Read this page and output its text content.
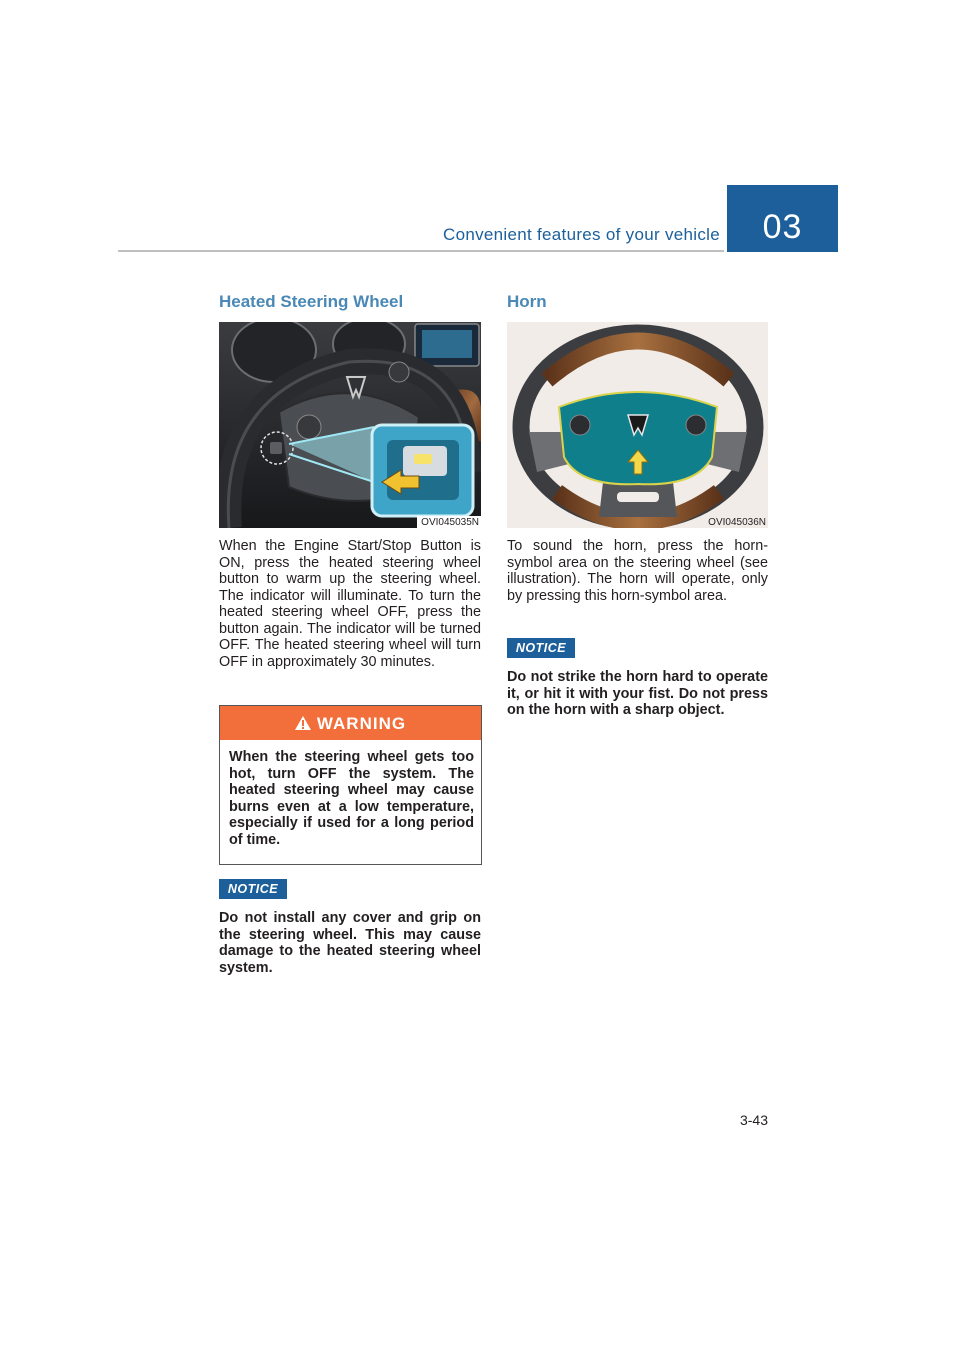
Convenient features of your vehicle	03
Heated Steering Wheel
OVI045035N

When the Engine Start/Stop Button is ON, press the heated steering wheel button to warm up the steering wheel. The indicator will illuminate. To turn the heated steering wheel OFF, press the button again. The indicator will be turned OFF. The heated steering wheel will turn OFF in approximately 30 minutes.

WARNING

When the steering wheel gets too hot, turn OFF the system. The heated steering wheel may cause burns even at a low temperature, especially if used for a long period of time.

NOTICE

Do not install any cover and grip on the steering wheel. This may cause damage to the heated steering wheel system.

Horn
OVI045036N

To sound the horn, press the horn-symbol area on the steering wheel (see illustration). The horn will operate, only by pressing this horn-symbol area.

NOTICE

Do not strike the horn hard to operate it, or hit it with your fist. Do not press on the horn with a sharp object.

3-43
